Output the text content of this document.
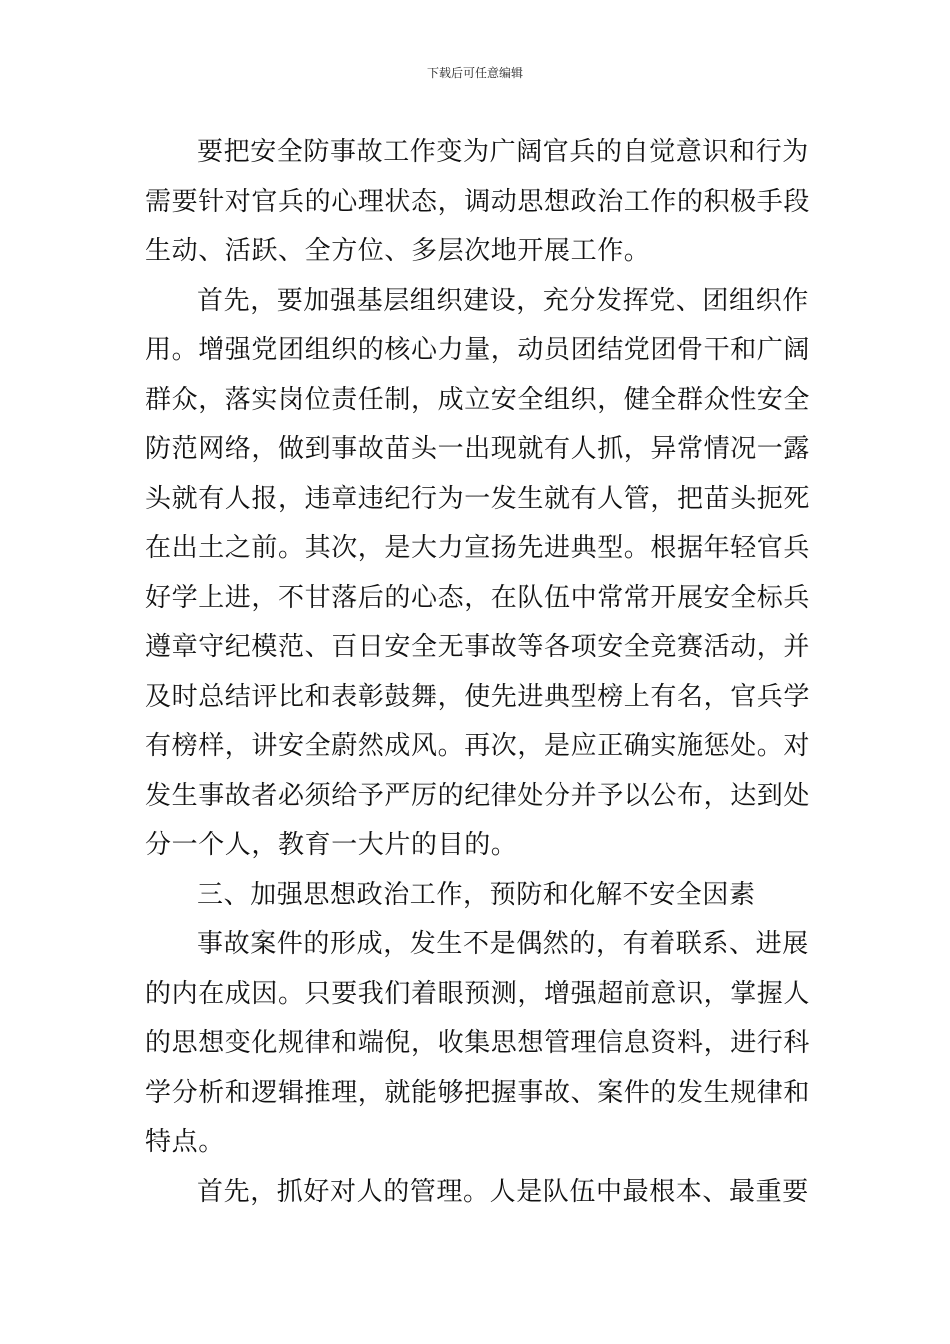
下载后可任意编辑
要把安全防事故工作变为广阔官兵的自觉意识和行为
需要针对官兵的心理状态，调动思想政治工作的积极手段
生动、活跃、全方位、多层次地开展工作。
首先，要加强基层组织建设，充分发挥党、团组织作
用。增强党团组织的核心力量，动员团结党团骨干和广阔
群众，落实岗位责任制，成立安全组织，健全群众性安全
防范网络，做到事故苗头一出现就有人抓，异常情况一露
头就有人报，违章违纪行为一发生就有人管，把苗头扼死
在出土之前。其次，是大力宣扬先进典型。根据年轻官兵
好学上进，不甘落后的心态，在队伍中常常开展安全标兵
遵章守纪模范、百日安全无事故等各项安全竞赛活动，并
及时总结评比和表彰鼓舞，使先进典型榜上有名，官兵学
有榜样，讲安全蔚然成风。再次，是应正确实施惩处。对
发生事故者必须给予严厉的纪律处分并予以公布，达到处
分一个人，教育一大片的目的。
三、加强思想政治工作，预防和化解不安全因素
事故案件的形成，发生不是偶然的，有着联系、进展
的内在成因。只要我们着眼预测，增强超前意识，掌握人
的思想变化规律和端倪，收集思想管理信息资料，进行科
学分析和逻辑推理，就能够把握事故、案件的发生规律和
特点。
首先，抓好对人的管理。人是队伍中最根本、最重要
